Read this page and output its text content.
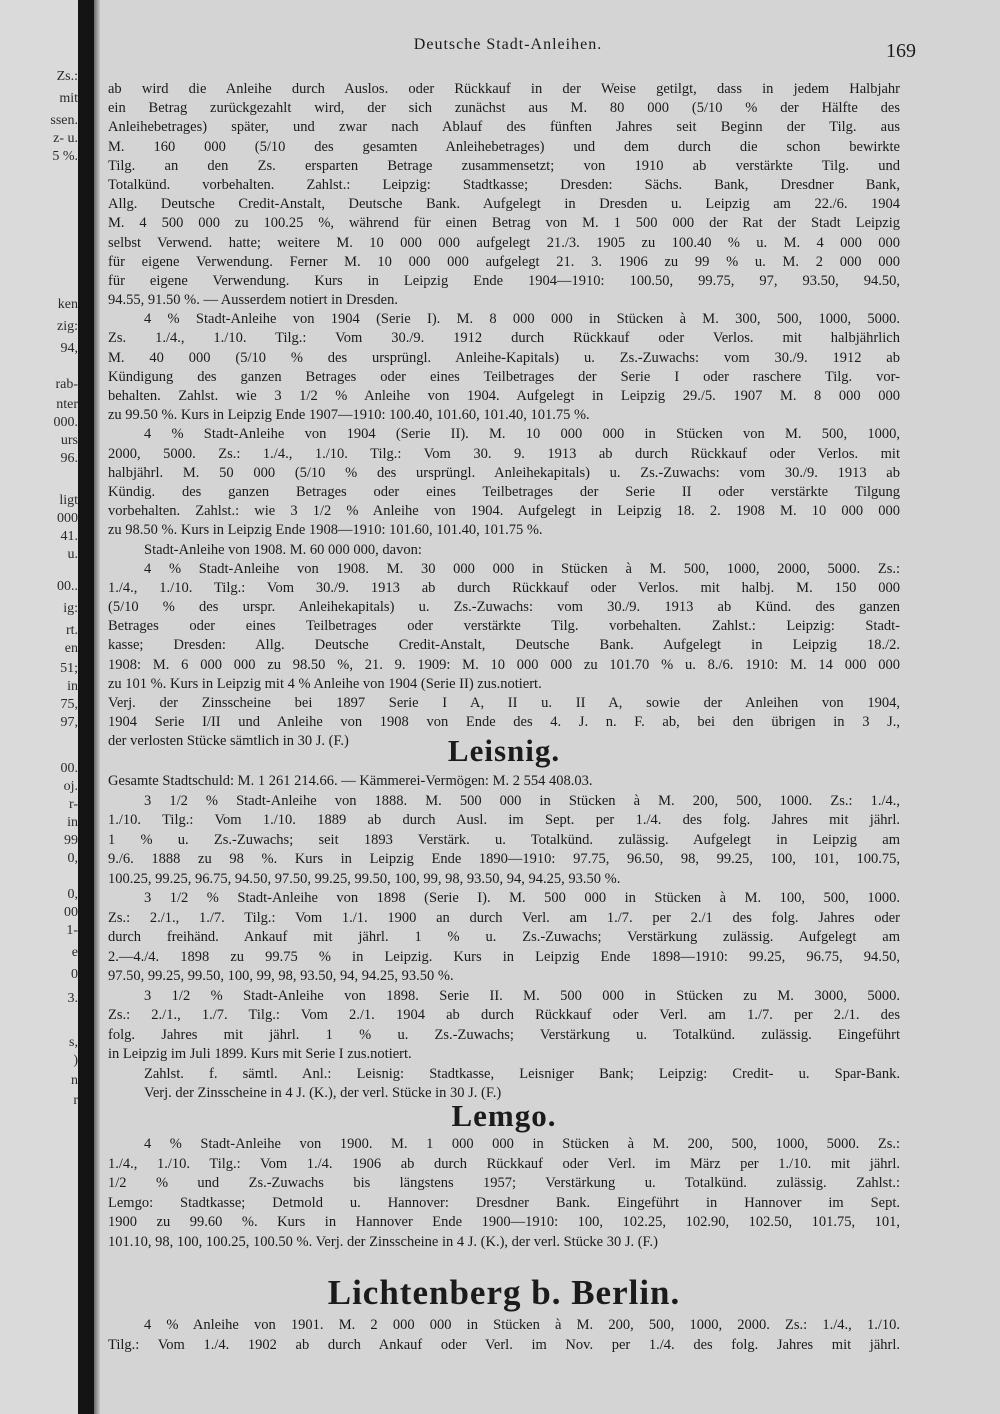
Zs.:

mit

ssen.

z- u.

5 %.

ken

zig:

94,

rab-

nter

000.

urs

96.

ligt

000

41.

u.

00..

ig:

rt.

en

51;

in

75,

97,

00.

oj.

r-

in

99

0,

0,

00

1-

e

0

3.

s,

)

n

r

Deutsche Stadt-Anleihen.	169

ab wird die Anleihe durch Auslos. oder Rückkauf in der Weise getilgt, dass in jedem Halbjahr

ein Betrag zurückgezahlt wird, der sich zunächst aus M. 80 000 (5/10 % der Hälfte des

Anleihebetrages) später, und zwar nach Ablauf des fünften Jahres seit Beginn der Tilg. aus

M. 160 000 (5/10 des gesamten Anleihebetrages) und dem durch die schon bewirkte

Tilg. an den Zs. ersparten Betrage zusammensetzt; von 1910 ab verstärkte Tilg. und

Totalkünd. vorbehalten. Zahlst.: Leipzig: Stadtkasse; Dresden: Sächs. Bank, Dresdner Bank,

Allg. Deutsche Credit-Anstalt, Deutsche Bank. Aufgelegt in Dresden u. Leipzig am 22./6. 1904

M. 4 500 000 zu 100.25 %, während für einen Betrag von M. 1 500 000 der Rat der Stadt Leipzig

selbst Verwend. hatte; weitere M. 10 000 000 aufgelegt 21./3. 1905 zu 100.40 % u. M. 4 000 000

für eigene Verwendung. Ferner M. 10 000 000 aufgelegt 21. 3. 1906 zu 99 % u. M. 2 000 000

für eigene Verwendung. Kurs in Leipzig Ende 1904—1910: 100.50, 99.75, 97, 93.50, 94.50,

94.55, 91.50 %. — Ausserdem notiert in Dresden.

4 % Stadt-Anleihe von 1904 (Serie I). M. 8 000 000 in Stücken à M. 300, 500, 1000, 5000.

Zs. 1./4., 1./10. Tilg.: Vom 30./9. 1912 durch Rückkauf oder Verlos. mit halbjährlich

M. 40 000 (5/10 % des ursprüngl. Anleihe-Kapitals) u. Zs.-Zuwachs: vom 30./9. 1912 ab

Kündigung des ganzen Betrages oder eines Teilbetrages der Serie I oder raschere Tilg. vor-

behalten. Zahlst. wie 3 1/2 % Anleihe von 1904. Aufgelegt in Leipzig 29./5. 1907 M. 8 000 000

zu 99.50 %. Kurs in Leipzig Ende 1907—1910: 100.40, 101.60, 101.40, 101.75 %.

4 % Stadt-Anleihe von 1904 (Serie II). M. 10 000 000 in Stücken von M. 500, 1000,

2000, 5000. Zs.: 1./4., 1./10. Tilg.: Vom 30. 9. 1913 ab durch Rückkauf oder Verlos. mit

halbjährl. M. 50 000 (5/10 % des ursprüngl. Anleihekapitals) u. Zs.-Zuwachs: vom 30./9. 1913 ab

Kündig. des ganzen Betrages oder eines Teilbetrages der Serie II oder verstärkte Tilgung

vorbehalten. Zahlst.: wie 3 1/2 % Anleihe von 1904. Aufgelegt in Leipzig 18. 2. 1908 M. 10 000 000

zu 98.50 %. Kurs in Leipzig Ende 1908—1910: 101.60, 101.40, 101.75 %.

Stadt-Anleihe von 1908. M. 60 000 000, davon:

4 % Stadt-Anleihe von 1908. M. 30 000 000 in Stücken à M. 500, 1000, 2000, 5000. Zs.:

1./4., 1./10. Tilg.: Vom 30./9. 1913 ab durch Rückkauf oder Verlos. mit halbj. M. 150 000

(5/10 % des urspr. Anleihekapitals) u. Zs.-Zuwachs: vom 30./9. 1913 ab Künd. des ganzen

Betrages oder eines Teilbetrages oder verstärkte Tilg. vorbehalten. Zahlst.: Leipzig: Stadt-

kasse; Dresden: Allg. Deutsche Credit-Anstalt, Deutsche Bank. Aufgelegt in Leipzig 18./2.

1908: M. 6 000 000 zu 98.50 %, 21. 9. 1909: M. 10 000 000 zu 101.70 % u. 8./6. 1910: M. 14 000 000

zu 101 %. Kurs in Leipzig mit 4 % Anleihe von 1904 (Serie II) zus.notiert.

Verj. der Zinsscheine bei 1897 Serie I A, II u. II A, sowie der Anleihen von 1904,

1904 Serie I/II und Anleihe von 1908 von Ende des 4. J. n. F. ab, bei den übrigen in 3 J.,

der verlosten Stücke sämtlich in 30 J. (F.)	Leisnig.

Gesamte Stadtschuld: M. 1 261 214.66. — Kämmerei-Vermögen: M. 2 554 408.03.

3 1/2 % Stadt-Anleihe von 1888. M. 500 000 in Stücken à M. 200, 500, 1000. Zs.: 1./4.,

1./10. Tilg.: Vom 1./10. 1889 ab durch Ausl. im Sept. per 1./4. des folg. Jahres mit jährl.

1 % u. Zs.-Zuwachs; seit 1893 Verstärk. u. Totalkünd. zulässig. Aufgelegt in Leipzig am

9./6. 1888 zu 98 %. Kurs in Leipzig Ende 1890—1910: 97.75, 96.50, 98, 99.25, 100, 101, 100.75,

100.25, 99.25, 96.75, 94.50, 97.50, 99.25, 99.50, 100, 99, 98, 93.50, 94, 94.25, 93.50 %.

3 1/2 % Stadt-Anleihe von 1898 (Serie I). M. 500 000 in Stücken à M. 100, 500, 1000.

Zs.: 2./1., 1./7. Tilg.: Vom 1./1. 1900 an durch Verl. am 1./7. per 2./1 des folg. Jahres oder

durch freihänd. Ankauf mit jährl. 1 % u. Zs.-Zuwachs; Verstärkung zulässig. Aufgelegt am

2.—4./4. 1898 zu 99.75 % in Leipzig. Kurs in Leipzig Ende 1898—1910: 99.25, 96.75, 94.50,

97.50, 99.25, 99.50, 100, 99, 98, 93.50, 94, 94.25, 93.50 %.

3 1/2 % Stadt-Anleihe von 1898. Serie II. M. 500 000 in Stücken zu M. 3000, 5000.

Zs.: 2./1., 1./7. Tilg.: Vom 2./1. 1904 ab durch Rückkauf oder Verl. am 1./7. per 2./1. des

folg. Jahres mit jährl. 1 % u. Zs.-Zuwachs; Verstärkung u. Totalkünd. zulässig. Eingeführt

in Leipzig im Juli 1899. Kurs mit Serie I zus.notiert.

Zahlst. f. sämtl. Anl.: Leisnig: Stadtkasse, Leisniger Bank; Leipzig: Credit- u. Spar-Bank.

Verj. der Zinsscheine in 4 J. (K.), der verl. Stücke in 30 J. (F.)

Lemgo.

4 % Stadt-Anleihe von 1900. M. 1 000 000 in Stücken à M. 200, 500, 1000, 5000. Zs.:

1./4., 1./10. Tilg.: Vom 1./4. 1906 ab durch Rückkauf oder Verl. im März per 1./10. mit jährl.

1/2 % und Zs.-Zuwachs bis längstens 1957; Verstärkung u. Totalkünd. zulässig. Zahlst.:

Lemgo: Stadtkasse; Detmold u. Hannover: Dresdner Bank. Eingeführt in Hannover im Sept.

1900 zu 99.60 %. Kurs in Hannover Ende 1900—1910: 100, 102.25, 102.90, 102.50, 101.75, 101,

101.10, 98, 100, 100.25, 100.50 %. Verj. der Zinsscheine in 4 J. (K.), der verl. Stücke 30 J. (F.)

Lichtenberg b. Berlin.

4 % Anleihe von 1901. M. 2 000 000 in Stücken à M. 200, 500, 1000, 2000. Zs.: 1./4., 1./10.

Tilg.: Vom 1./4. 1902 ab durch Ankauf oder Verl. im Nov. per 1./4. des folg. Jahres mit jährl.
